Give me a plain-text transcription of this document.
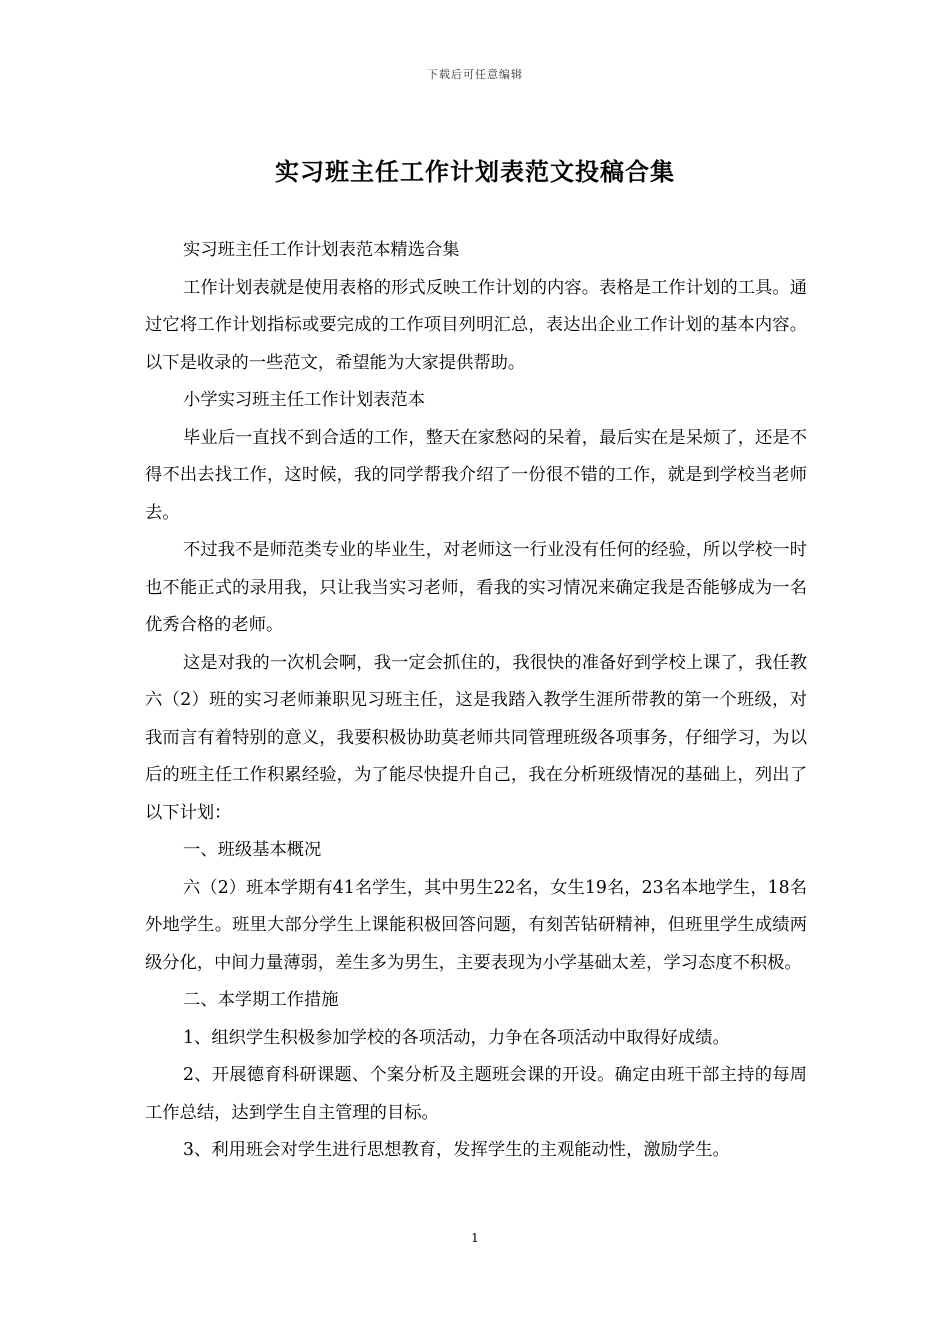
下载后可任意编辑
实习班主任工作计划表范文投稿合集

实习班主任工作计划表范本精选合集

工作计划表就是使用表格的形式反映工作计划的内容。表格是工作计划的工具。通过它将工作计划指标或要完成的工作项目列明汇总，表达出企业工作计划的基本内容。以下是收录的一些范文，希望能为大家提供帮助。

小学实习班主任工作计划表范本

毕业后一直找不到合适的工作，整天在家愁闷的呆着，最后实在是呆烦了，还是不得不出去找工作，这时候，我的同学帮我介绍了一份很不错的工作，就是到学校当老师去。

不过我不是师范类专业的毕业生，对老师这一行业没有任何的经验，所以学校一时也不能正式的录用我，只让我当实习老师，看我的实习情况来确定我是否能够成为一名优秀合格的老师。

这是对我的一次机会啊，我一定会抓住的，我很快的准备好到学校上课了，我任教六（2）班的实习老师兼职见习班主任，这是我踏入教学生涯所带教的第一个班级，对我而言有着特别的意义，我要积极协助莫老师共同管理班级各项事务，仔细学习，为以后的班主任工作积累经验，为了能尽快提升自己，我在分析班级情况的基础上，列出了以下计划：

一、班级基本概况

六（2）班本学期有41名学生，其中男生22名，女生19名，23名本地学生，18名外地学生。班里大部分学生上课能积极回答问题，有刻苦钻研精神，但班里学生成绩两级分化，中间力量薄弱，差生多为男生，主要表现为小学基础太差，学习态度不积极。

二、本学期工作措施

1、组织学生积极参加学校的各项活动，力争在各项活动中取得好成绩。

2、开展德育科研课题、个案分析及主题班会课的开设。确定由班干部主持的每周工作总结，达到学生自主管理的目标。

3、利用班会对学生进行思想教育，发挥学生的主观能动性，激励学生。

1
